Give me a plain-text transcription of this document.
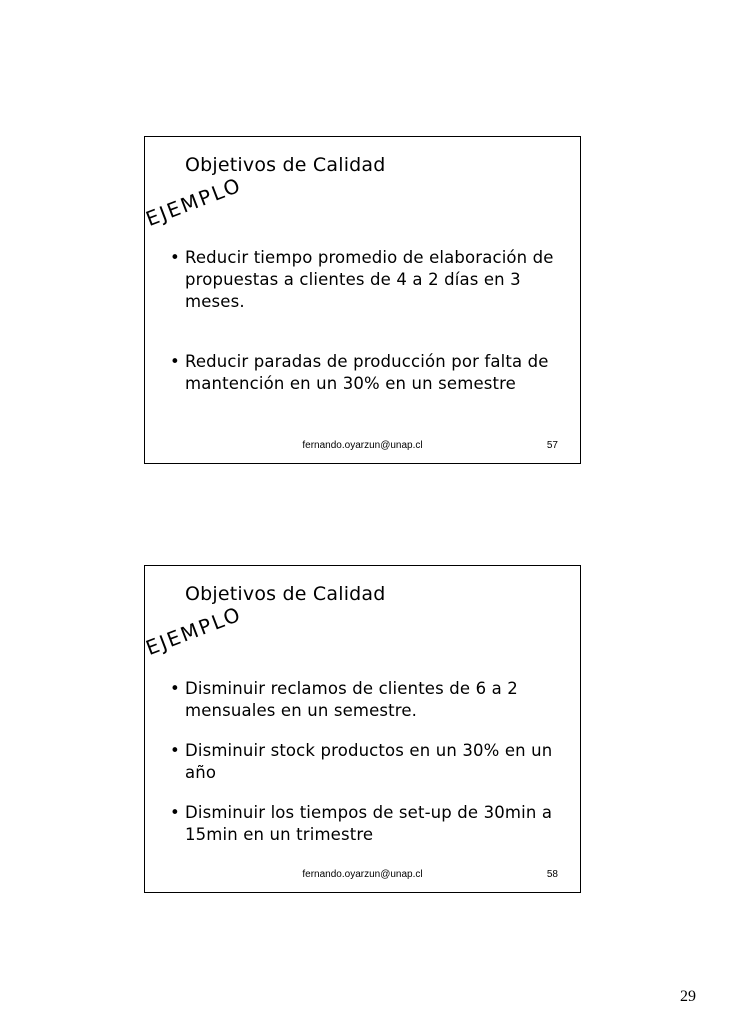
Objetivos de Calidad
EJEMPLO
• Reducir tiempo promedio de elaboración de propuestas a clientes de 4 a 2 días en 3 meses.
• Reducir paradas de producción por falta de mantención en un 30% en un semestre
fernando.oyarzun@unap.cl	57
Objetivos de Calidad
EJEMPLO
• Disminuir reclamos de clientes de 6 a 2 mensuales en un semestre.
• Disminuir stock productos en un 30% en un año
• Disminuir los tiempos de set-up de 30min a 15min en un trimestre
fernando.oyarzun@unap.cl	58
29
